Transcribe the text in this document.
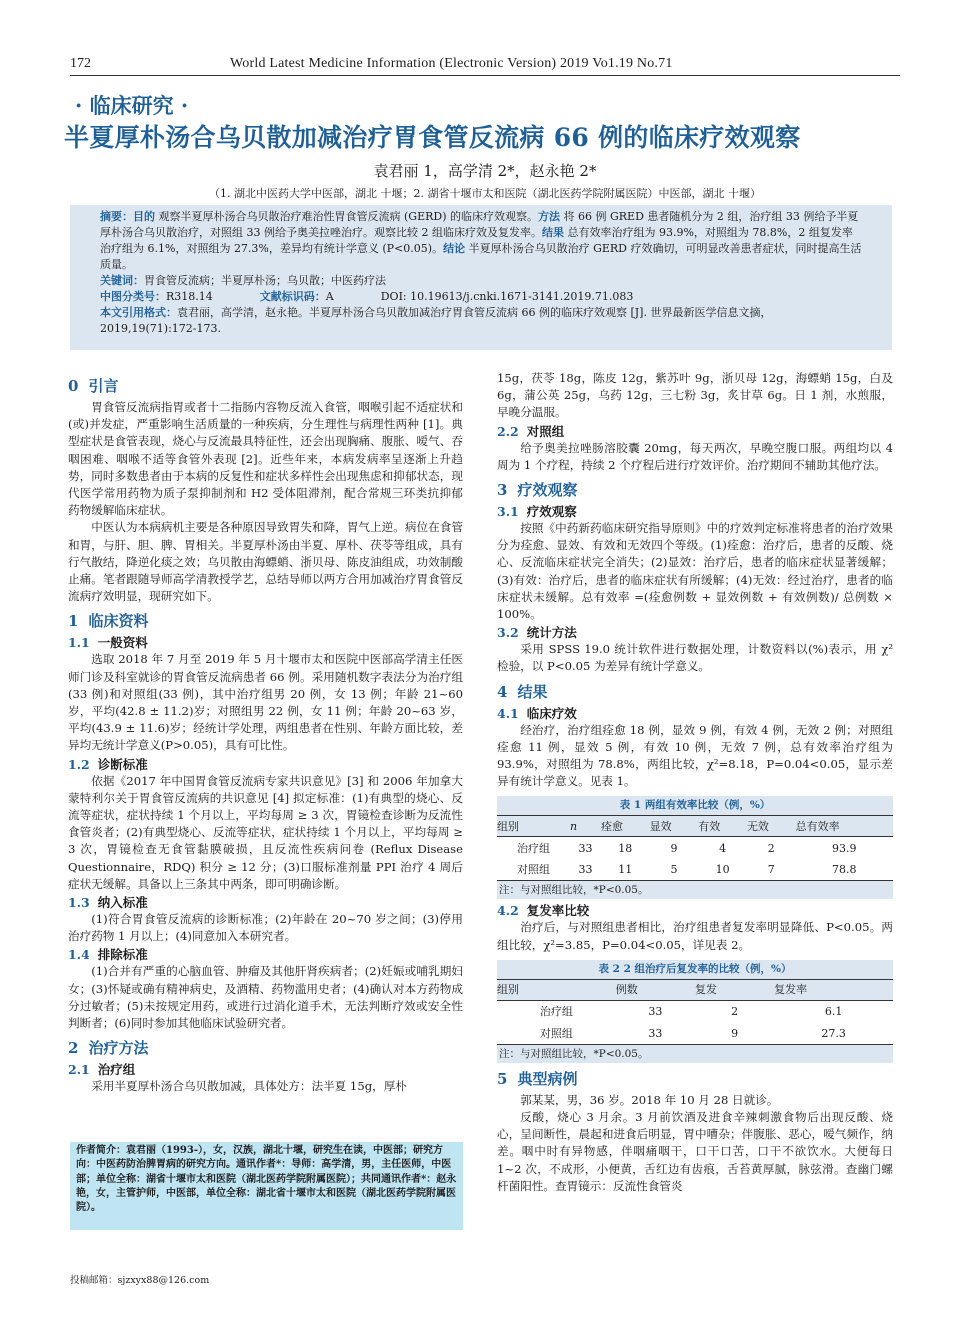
172	World Latest Medicine Information (Electronic Version) 2019 Vo1.19 No.71
· 临床研究 ·
半夏厚朴汤合乌贝散加减治疗胃食管反流病 66 例的临床疗效观察
袁君丽 1，高学清 2*，赵永艳 2*
（1. 湖北中医药大学中医部，湖北 十堰；2. 湖省十堰市太和医院（湖北医药学院附属医院）中医部，湖北 十堰）

摘要：目的 观察半夏厚朴汤合乌贝散治疗难治性胃食管反流病 (GERD) 的临床疗效观察。方法 将 66 例 GRED 患者随机分为 2 组，治疗组 33 例给予半夏厚朴汤合乌贝散治疗，对照组 33 例给予奥美拉唑治疗。观察比较 2 组临床疗效及复发率。结果 总有效率治疗组为 93.9%，对照组为 78.8%，2 组复发率治疗组为 6.1%，对照组为 27.3%，差异均有统计学意义 (P<0.05)。结论 半夏厚朴汤合乌贝散治疗 GERD 疗效确切，可明显改善患者症状，同时提高生活质量。

关键词：胃食管反流病；半夏厚朴汤；乌贝散；中医药疗法

中图分类号：R318.14	文献标识码：A	DOI: 10.19613/j.cnki.1671-3141.2019.71.083

本文引用格式：袁君丽，高学清，赵永艳。半夏厚朴汤合乌贝散加减治疗胃食管反流病 66 例的临床疗效观察 [J]. 世界最新医学信息文摘，2019,19(71):172-173.

0 引言

胃食管反流病指胃或者十二指肠内容物反流入食管，咽喉引起不适症状和(或)并发症，严重影响生活质量的一种疾病，分生理性与病理性两种 [1]。典型症状是食管表现，烧心与反流最具特征性，还会出现胸痛、腹胀、嗳气、吞咽困难、咽喉不适等食管外表现 [2]。近些年来，本病发病率呈逐渐上升趋势，同时多数患者由于本病的反复性和症状多样性会出现焦虑和抑郁状态，现代医学常用药物为质子泵抑制剂和 H2 受体阻滞剂，配合常规三环类抗抑郁药物缓解临床症状。

中医认为本病病机主要是各种原因导致胃失和降，胃气上逆。病位在食管和胃，与肝、胆、脾、胃相关。半夏厚朴汤由半夏、厚朴、茯苓等组成，具有行气散结，降逆化痰之效；乌贝散由海螵蛸、浙贝母、陈皮油组成，功效制酸止痛。笔者跟随导师高学清教授学艺，总结导师以两方合用加减治疗胃食管反流病疗效明显，现研究如下。

1 临床资料
1.1 一般资料

选取 2018 年 7 月至 2019 年 5 月十堰市太和医院中医部高学清主任医师门诊及科室就诊的胃食管反流病患者 66 例。采用随机数字表法分为治疗组(33 例)和对照组(33 例)，其中治疗组男 20 例，女 13 例；年龄 21~60 岁，平均(42.8 ± 11.2)岁；对照组男 22 例，女 11 例；年龄 20~63 岁，平均(43.9 ± 11.6)岁；经统计学处理，两组患者在性别、年龄方面比较，差异均无统计学意义(P>0.05)，具有可比性。

1.2 诊断标准

依据《2017 年中国胃食管反流病专家共识意见》[3] 和 2006 年加拿大蒙特利尔关于胃食管反流病的共识意见 [4] 拟定标准：(1)有典型的烧心、反流等症状，症状持续 1 个月以上，平均每周 ≥ 3 次，胃镜检查诊断为反流性食管炎者；(2)有典型烧心、反流等症状，症状持续 1 个月以上，平均每周 ≥ 3 次，胃镜检查无食管黏膜破损，且反流性疾病问卷 (Reflux Disease Questionnaire，RDQ) 积分 ≥ 12 分；(3)口服标准剂量 PPI 治疗 4 周后症状无缓解。具备以上三条其中两条，即可明确诊断。

1.3 纳入标准

(1)符合胃食管反流病的诊断标准；(2)年龄在 20~70 岁之间；(3)停用治疗药物 1 月以上；(4)同意加入本研究者。

1.4 排除标准

(1)合并有严重的心脑血管、肿瘤及其他肝肾疾病者；(2)妊娠或哺乳期妇女；(3)怀疑或确有精神病史，及酒精、药物滥用史者；(4)确认对本方药物成分过敏者；(5)未按规定用药，或进行过消化道手术，无法判断疗效或安全性判断者；(6)同时参加其他临床试验研究者。

2 治疗方法
2.1 治疗组

采用半夏厚朴汤合乌贝散加减，具体处方：法半夏 15g，厚朴

作者简介：袁君丽（1993-），女，汉族，湖北十堰，研究生在读，中医部；研究方向：中医药防治脾胃病的研究方向。通讯作者*：导师：高学清，男，主任医师，中医部；单位全称：湖省十堰市太和医院（湖北医药学院附属医院）；共同通讯作者*：赵永艳，女，主管护师，中医部，单位全称：湖北省十堰市太和医院（湖北医药学院附属医院）。

15g，茯苓 18g，陈皮 12g，紫苏叶 9g，浙贝母 12g，海螵蛸 15g，白及 6g，蒲公英 25g，乌药 12g，三七粉 3g，炙甘草 6g。日 1 剂，水煎服，早晚分温服。

2.2 对照组

给予奥美拉唑肠溶胶囊 20mg，每天两次，早晚空腹口服。两组均以 4 周为 1 个疗程，持续 2 个疗程后进行疗效评价。治疗期间不辅助其他疗法。

3 疗效观察
3.1 疗效观察

按照《中药新药临床研究指导原则》中的疗效判定标准将患者的治疗效果分为痊愈、显效、有效和无效四个等级。(1)痊愈：治疗后，患者的反酸、烧心、反流临床症状完全消失；(2)显效：治疗后，患者的临床症状显著缓解；(3)有效：治疗后，患者的临床症状有所缓解；(4)无效：经过治疗，患者的临床症状未缓解。总有效率 =(痊愈例数 + 显效例数 + 有效例数)/ 总例数 × 100%。

3.2 统计方法

采用 SPSS 19.0 统计软件进行数据处理，计数资料以(%)表示，用 χ² 检验，以 P<0.05 为差异有统计学意义。

4 结果
4.1 临床疗效

经治疗，治疗组痊愈 18 例，显效 9 例，有效 4 例，无效 2 例；对照组痊愈 11 例，显效 5 例，有效 10 例，无效 7 例，总有效率治疗组为 93.9%，对照组为 78.8%，两组比较，χ²=8.18，P=0.04<0.05，显示差异有统计学意义。见表 1。

表 1 两组有效率比较（例，%）
组别	n	痊愈	显效	有效	无效	总有效率
治疗组	33	18	9	4	2	93.9
对照组	33	11	5	10	7	78.8
注：与对照组比较，*P<0.05。
4.2 复发率比较

治疗后，与对照组患者相比，治疗组患者复发率明显降低、P<0.05。两组比较，χ²=3.85，P=0.04<0.05，详见表 2。

表 2 2 组治疗后复发率的比较（例，%）
组别	例数	复发	复发率
治疗组	33	2	6.1
对照组	33	9	27.3
注：与对照组比较，*P<0.05。
5 典型病例

郭某某，男，36 岁。2018 年 10 月 28 日就诊。

反酸，烧心 3 月余。3 月前饮酒及进食辛辣刺激食物后出现反酸、烧心，呈间断性，晨起和进食后明显，胃中嘈杂；伴腹胀、恶心，嗳气频作，纳差。咽中时有异物感，伴咽痛咽干，口干口苦，口干不欲饮水。大便每日 1~2 次，不成形，小便黄，舌红边有齿痕，舌苔黄厚腻，脉弦滑。查幽门螺杆菌阳性。查胃镜示：反流性食管炎

投稿邮箱：sjzxyx88@126.com
